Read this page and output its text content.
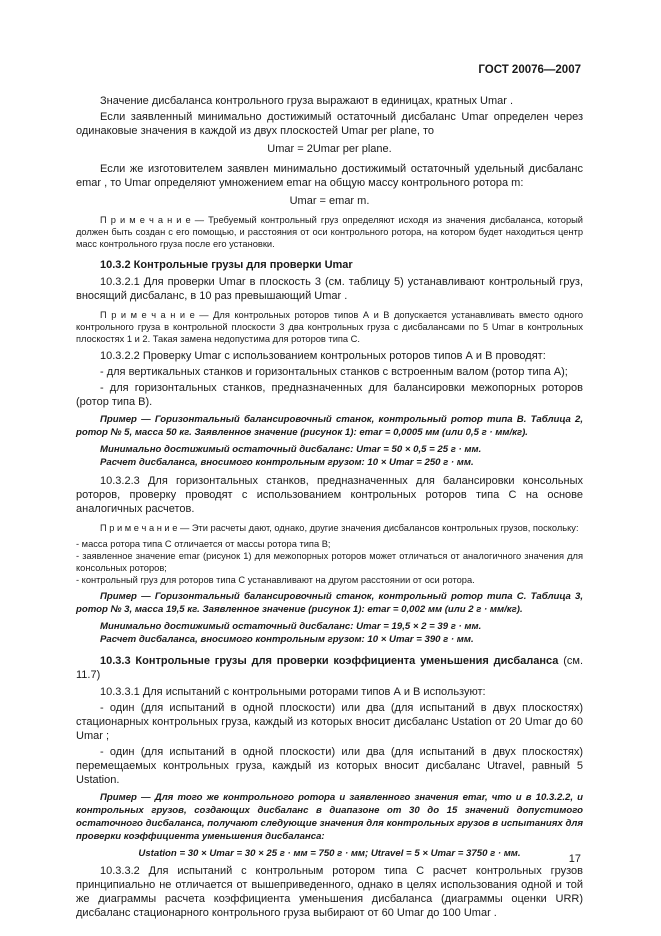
ГОСТ 20076—2007

Значение дисбаланса контрольного груза выражают в единицах, кратных Umar .

Если заявленный минимально достижимый остаточный дисбаланс Umar определен через одинаковые значения в каждой из двух плоскостей Umar per plane, то

Umar = 2Umar per plane.

Если же изготовителем заявлен минимально достижимый остаточный удельный дисбаланс emar , то Umar определяют умножением emar на общую массу контрольного ротора m:

Umar = emar m.

П р и м е ч а н и е — Требуемый контрольный груз определяют исходя из значения дисбаланса, который должен быть создан с его помощью, и расстояния от оси контрольного ротора, на котором будет находиться центр масс контрольного груза после его установки.

10.3.2 Контрольные грузы для проверки Umar

10.3.2.1 Для проверки Umar в плоскость 3 (см. таблицу 5) устанавливают контрольный груз, вносящий дисбаланс, в 10 раз превышающий Umar .

П р и м е ч а н и е — Для контрольных роторов типов А и В допускается устанавливать вместо одного контрольного груза в контрольной плоскости 3 два контрольных груза с дисбалансами по 5 Umar в контрольных плоскостях 1 и 2. Такая замена недопустима для роторов типа С.

10.3.2.2 Проверку Umar с использованием контрольных роторов типов А и В проводят:

- для вертикальных станков и горизонтальных станков с встроенным валом (ротор типа А);

- для горизонтальных станков, предназначенных для балансировки межопорных роторов (ротор типа В).

Пример — Горизонтальный балансировочный станок, контрольный ротор типа В. Таблица 2, ротор № 5, масса 50 кг. Заявленное значение (рисунок 1): emar = 0,0005 мм (или 0,5 г · мм/кг).

Минимально достижимый остаточный дисбаланс: Umar = 50 × 0,5 = 25 г · мм.

Расчет дисбаланса, вносимого контрольным грузом: 10 × Umar = 250 г · мм.

10.3.2.3 Для горизонтальных станков, предназначенных для балансировки консольных роторов, проверку проводят с использованием контрольных роторов типа С на основе аналогичных расчетов.

П р и м е ч а н и е — Эти расчеты дают, однако, другие значения дисбалансов контрольных грузов, поскольку:

- масса ротора типа С отличается от массы ротора типа В;

- заявленное значение emar (рисунок 1) для межопорных роторов может отличаться от аналогичного значения для консольных роторов;

- контрольный груз для роторов типа С устанавливают на другом расстоянии от оси ротора.

Пример — Горизонтальный балансировочный станок, контрольный ротор типа С. Таблица 3, ротор № 3, масса 19,5 кг. Заявленное значение (рисунок 1): emar = 0,002 мм (или 2 г · мм/кг).

Минимально достижимый остаточный дисбаланс: Umar = 19,5 × 2 = 39 г · мм.

Расчет дисбаланса, вносимого контрольным грузом: 10 × Umar = 390 г · мм.

10.3.3 Контрольные грузы для проверки коэффициента уменьшения дисбаланса (см. 11.7)

10.3.3.1 Для испытаний с контрольными роторами типов А и В используют:

- один (для испытаний в одной плоскости) или два (для испытаний в двух плоскостях) стационарных контрольных груза, каждый из которых вносит дисбаланс Ustation от 20 Umar до 60 Umar ;

- один (для испытаний в одной плоскости) или два (для испытаний в двух плоскостях) перемещаемых контрольных груза, каждый из которых вносит дисбаланс Utravel, равный 5 Ustation.

Пример — Для того же контрольного ротора и заявленного значения emar, что и в 10.3.2.2, и контрольных грузов, создающих дисбаланс в диапазоне от 30 до 15 значений допустимого остаточного дисбаланса, получают следующие значения для контрольных грузов в испытаниях для проверки коэффициента уменьшения дисбаланса:

Ustation = 30 × Umar = 30 × 25 г · мм = 750 г · мм; Utravel = 5 × Umar = 3750 г · мм.

10.3.3.2 Для испытаний с контрольным ротором типа С расчет контрольных грузов принципиально не отличается от вышеприведенного, однако в целях использования одной и той же диаграммы расчета коэффициента уменьшения дисбаланса (диаграммы оценки URR) дисбаланс стационарного контрольного груза выбирают от 60 Umar до 100 Umar .

17
